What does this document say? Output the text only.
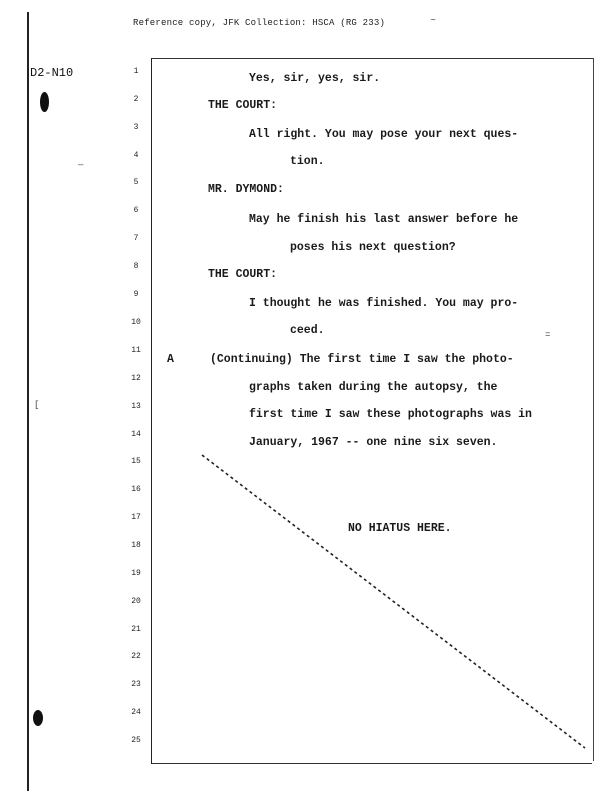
Reference copy, JFK Collection: HSCA (RG 233)	~
D2-N10
—
[
=
1
2
3
4
5
6
7
8
9
10
11
12
13
14
15
16
17
18
19
20
21
22
23
24
25
Yes, sir, yes, sir.
THE COURT:
All right. You may pose your next ques-
tion.
MR. DYMOND:
May he finish his last answer before he
poses his next question?
THE COURT:
I thought he was finished. You may pro-
ceed.
A	(Continuing) The first time I saw the photo-
graphs taken during the autopsy, the
first time I saw these photographs was in
January, 1967 -- one nine six seven.
NO HIATUS HERE.
